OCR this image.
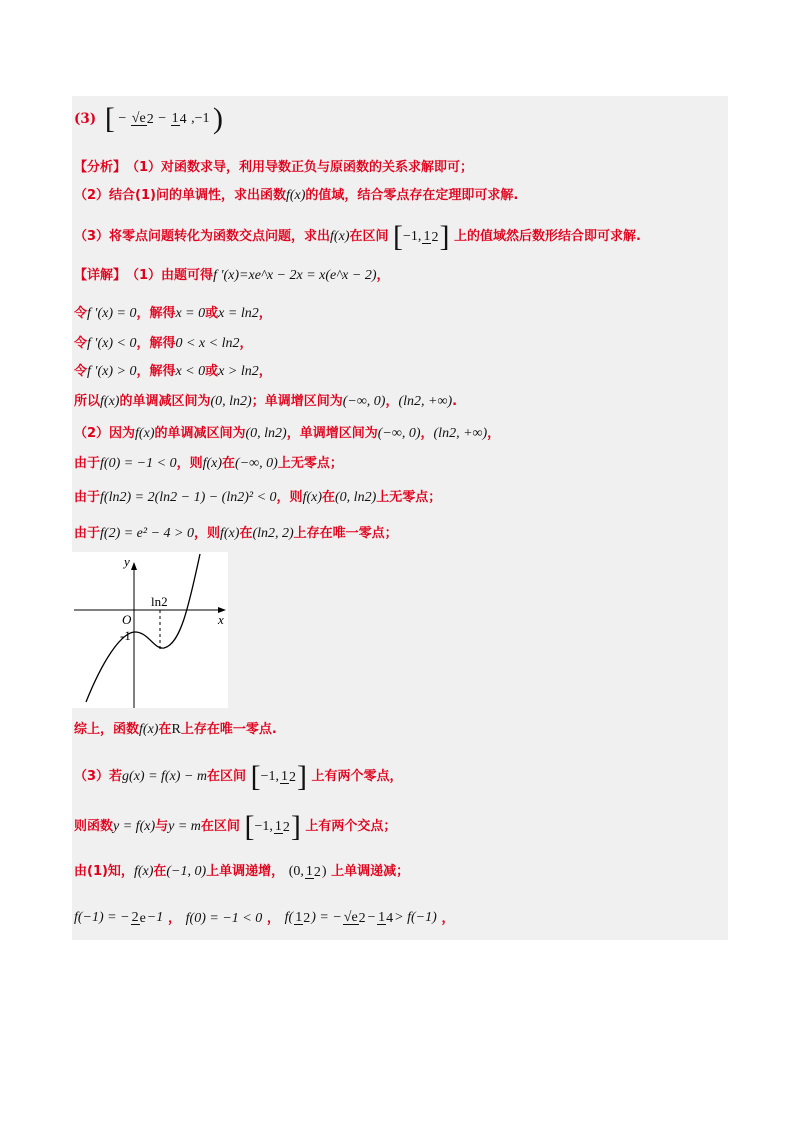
(3) [ − √e2 − 14 ,−1 )
【分析】（1）对函数求导，利用导数正负与原函数的关系求解即可；
（2）结合(1)问的单调性，求出函数f(x)的值域，结合零点存在定理即可求解.
（3）将零点问题转化为函数交点问题，求出f(x)在区间 [−1, 12] 上的值域然后数形结合即可求解.
【详解】（1）由题可得f ′(x)=xe^x − 2x = x(e^x − 2)，
令f ′(x) = 0，解得x = 0或x = ln2，
令f ′(x) < 0，解得0 < x < ln2，
令f ′(x) > 0，解得x < 0或x > ln2，
所以f(x)的单调减区间为(0, ln2)；单调增区间为(−∞, 0)，(ln2, +∞).
（2）因为f(x)的单调减区间为(0, ln2)，单调增区间为(−∞, 0)，(ln2, +∞)，
由于f(0) = −1 < 0，则f(x)在(−∞, 0)上无零点；
由于f(ln2) = 2(ln2 − 1) − (ln2)² < 0，则f(x)在(0, ln2)上无零点；
由于f(2) = e² − 4 > 0，则f(x)在(ln2, 2)上存在唯一零点；
y
x
O
ln2
-1
综上，函数f(x)在R上存在唯一零点.
（3）若g(x) = f(x) − m在区间 [−1, 12] 上有两个零点，
则函数y = f(x)与y = m在区间 [−1, 12] 上有两个交点；
由(1)知，f(x)在(−1, 0)上单调递增， (0, 12) 上单调递减；
f(−1) = − 2e−1 ， f(0) = −1 < 0 ， f( 12) = − √e2− 14> f(−1) ，
